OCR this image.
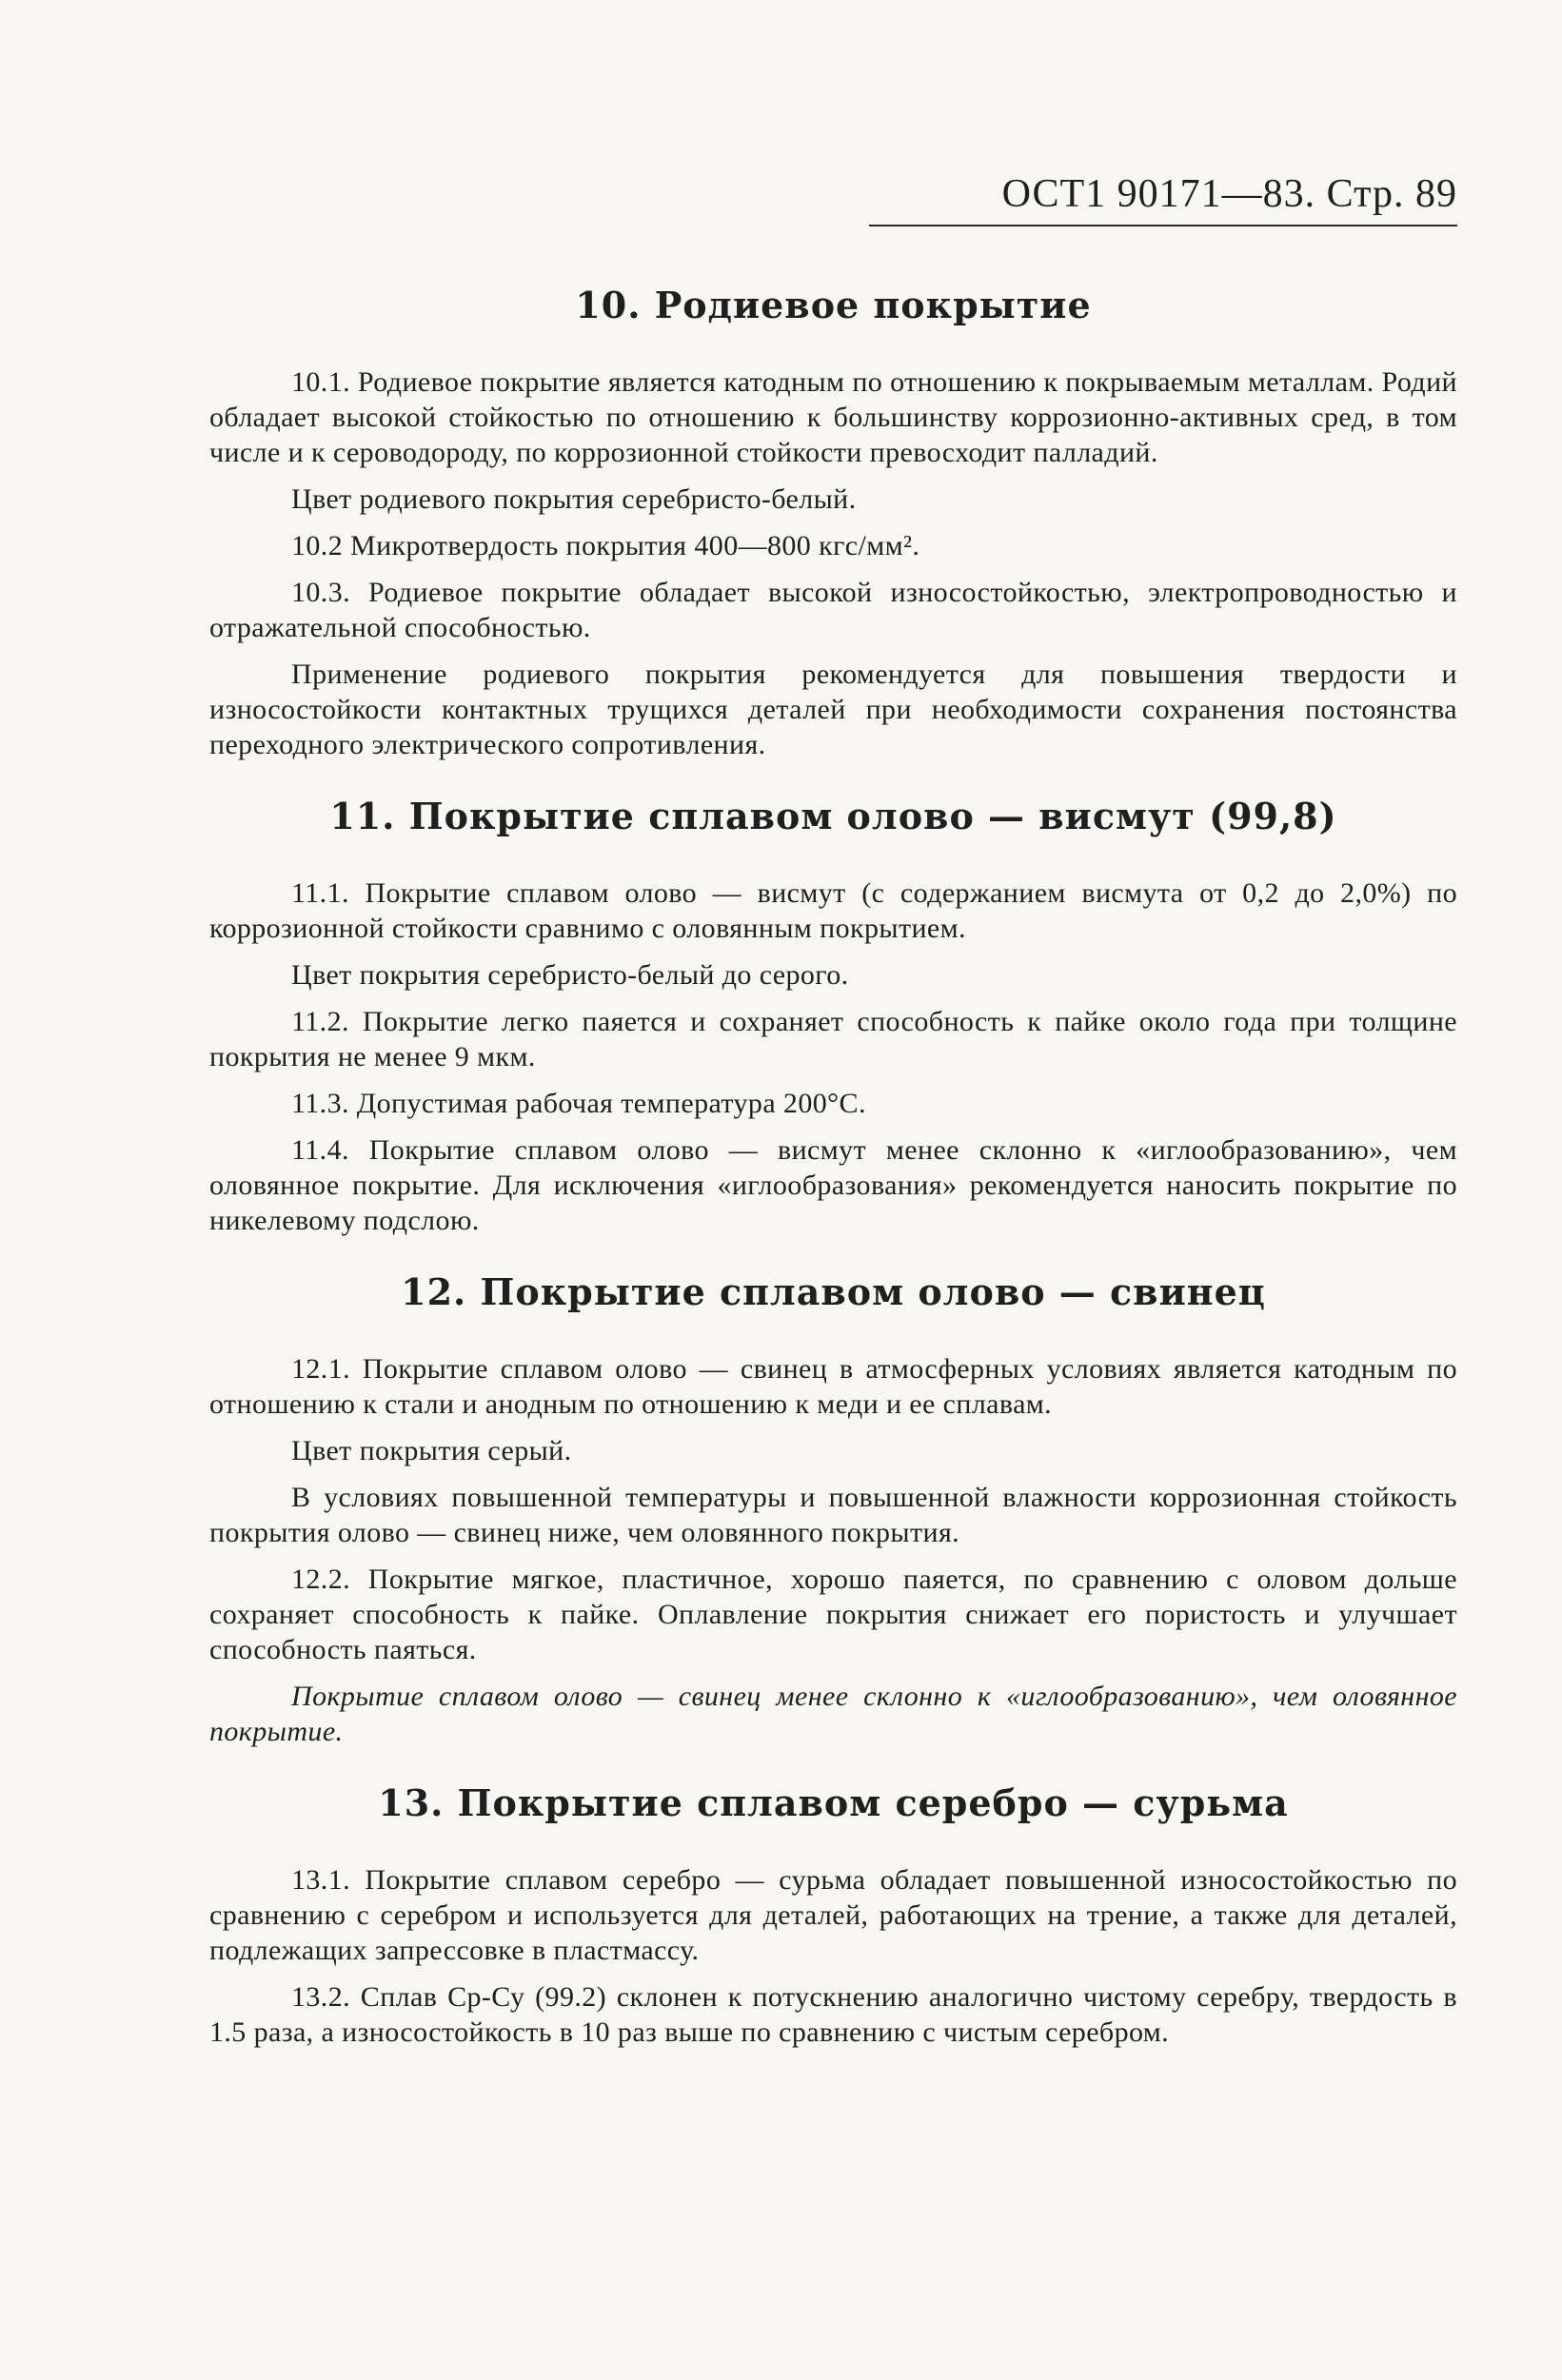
ОСТ1 90171—83. Стр. 89
10. Родиевое покрытие

10.1. Родиевое покрытие является катодным по отношению к покрываемым металлам. Родий обладает высокой стойкостью по отношению к большинству коррозионно-активных сред, в том числе и к сероводороду, по коррозионной стойкости превосходит палладий.

Цвет родиевого покрытия серебристо-белый.

10.2 Микротвердость покрытия 400—800 кгс/мм².

10.3. Родиевое покрытие обладает высокой износостойкостью, электропроводностью и отражательной способностью.

Применение родиевого покрытия рекомендуется для повышения твердости и износостойкости контактных трущихся деталей при необходимости сохранения постоянства переходного электрического сопротивления.

11. Покрытие сплавом олово — висмут (99,8)

11.1. Покрытие сплавом олово — висмут (с содержанием висмута от 0,2 до 2,0%) по коррозионной стойкости сравнимо с оловянным покрытием.

Цвет покрытия серебристо-белый до серого.

11.2. Покрытие легко паяется и сохраняет способность к пайке около года при толщине покрытия не менее 9 мкм.

11.3. Допустимая рабочая температура 200°С.

11.4. Покрытие сплавом олово — висмут менее склонно к «иглообразованию», чем оловянное покрытие. Для исключения «иглообразования» рекомендуется наносить покрытие по никелевому подслою.

12. Покрытие сплавом олово — свинец

12.1. Покрытие сплавом олово — свинец в атмосферных условиях является катодным по отношению к стали и анодным по отношению к меди и ее сплавам.

Цвет покрытия серый.

В условиях повышенной температуры и повышенной влажности коррозионная стойкость покрытия олово — свинец ниже, чем оловянного покрытия.

12.2. Покрытие мягкое, пластичное, хорошо паяется, по сравнению с оловом дольше сохраняет способность к пайке. Оплавление покрытия снижает его пористость и улучшает способность паяться.

Покрытие сплавом олово — свинец менее склонно к «иглообразованию», чем оловянное покрытие.

13. Покрытие сплавом серебро — сурьма

13.1. Покрытие сплавом серебро — сурьма обладает повышенной износостойкостью по сравнению с серебром и используется для деталей, работающих на трение, а также для деталей, подлежащих запрессовке в пластмассу.

13.2. Сплав Ср-Су (99.2) склонен к потускнению аналогично чистому серебру, твердость в 1.5 раза, а износостойкость в 10 раз выше по сравнению с чистым серебром.
